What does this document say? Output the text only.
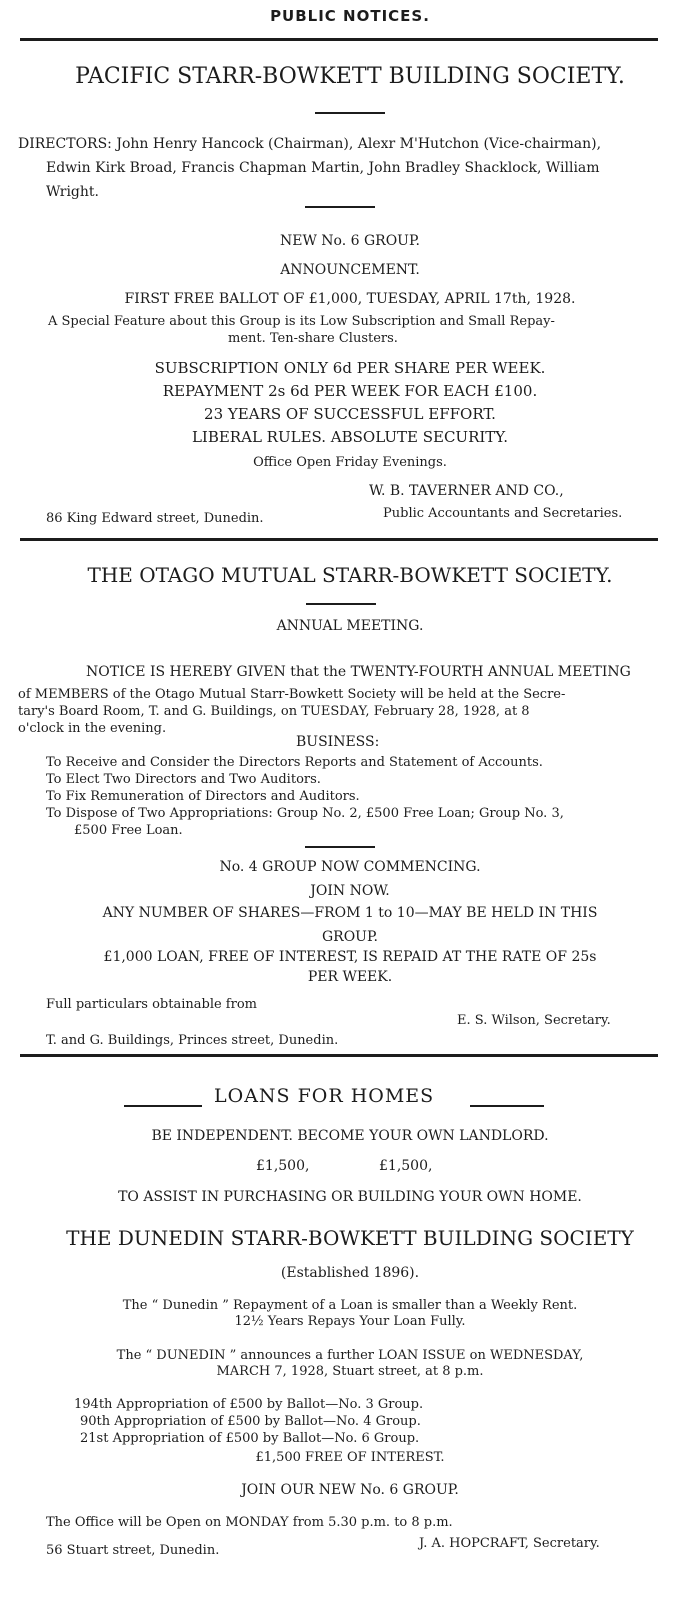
PUBLIC NOTICES.
PACIFIC STARR-BOWKETT BUILDING SOCIETY.
DIRECTORS: John Henry Hancock (Chairman), Alexr M'Hutchon (Vice-chairman),
Edwin Kirk Broad, Francis Chapman Martin, John Bradley Shacklock, William
Wright.
NEW No. 6 GROUP.
ANNOUNCEMENT.
FIRST FREE BALLOT OF £1,000, TUESDAY, APRIL 17th, 1928.
A Special Feature about this Group is its Low Subscription and Small Repay-
ment. Ten-share Clusters.
SUBSCRIPTION ONLY 6d PER SHARE PER WEEK.
REPAYMENT 2s 6d PER WEEK FOR EACH £100.
23 YEARS OF SUCCESSFUL EFFORT.
LIBERAL RULES. ABSOLUTE SECURITY.
Office Open Friday Evenings.
W. B. TAVERNER AND CO.,
86 King Edward street, Dunedin.	Public Accountants and Secretaries.
THE OTAGO MUTUAL STARR-BOWKETT SOCIETY.
ANNUAL MEETING.
NOTICE IS HEREBY GIVEN that the TWENTY-FOURTH ANNUAL MEETING
of MEMBERS of the Otago Mutual Starr-Bowkett Society will be held at the Secre-
tary's Board Room, T. and G. Buildings, on TUESDAY, February 28, 1928, at 8
o'clock in the evening.
BUSINESS:
To Receive and Consider the Directors Reports and Statement of Accounts.
To Elect Two Directors and Two Auditors.
To Fix Remuneration of Directors and Auditors.
To Dispose of Two Appropriations: Group No. 2, £500 Free Loan; Group No. 3,
£500 Free Loan.
No. 4 GROUP NOW COMMENCING.
JOIN NOW.
ANY NUMBER OF SHARES—FROM 1 to 10—MAY BE HELD IN THIS
GROUP.
£1,000 LOAN, FREE OF INTEREST, IS REPAID AT THE RATE OF 25s
PER WEEK.
Full particulars obtainable from
E. S. Wilson, Secretary.
T. and G. Buildings, Princes street, Dunedin.
LOANS FOR HOMES
BE INDEPENDENT. BECOME YOUR OWN LANDLORD.
£1,500,	£1,500,
TO ASSIST IN PURCHASING OR BUILDING YOUR OWN HOME.
THE DUNEDIN STARR-BOWKETT BUILDING SOCIETY
(Established 1896).
The “ Dunedin ” Repayment of a Loan is smaller than a Weekly Rent.
12½ Years Repays Your Loan Fully.
The “ DUNEDIN ” announces a further LOAN ISSUE on WEDNESDAY,
MARCH 7, 1928, Stuart street, at 8 p.m.
194th Appropriation of £500 by Ballot—No. 3 Group.
90th Appropriation of £500 by Ballot—No. 4 Group.
21st Appropriation of £500 by Ballot—No. 6 Group.
£1,500 FREE OF INTEREST.
JOIN OUR NEW No. 6 GROUP.
The Office will be Open on MONDAY from 5.30 p.m. to 8 p.m.
56 Stuart street, Dunedin.	J. A. HOPCRAFT, Secretary.
